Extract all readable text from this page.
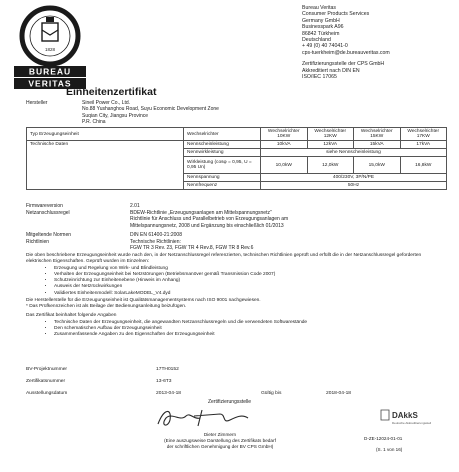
1828
BUREAU
VERITAS
Bureau Veritas
Consumer Products Services
Germany GmbH
Businesspark A96
86842 Türkheim
Deutschland
+ 49 (0) 40 74041-0
cps-tuerkheim@de.bureauveritas.com
Zertifizierungsstelle der CPS GmbH
Akkreditiert nach DIN EN
ISO/IEC 17065
Einheitenzertifikat
Hersteller	Sineil Power Co., Ltd.
No.88 Yushanghou Road, Suyu Economic Development Zone
Suqian City, Jiangsu Province
P.R. China
Typ Erzeugungseinheit	Wechselrichter	Wechselrichter 10KW	Wechselrichter 12KW	Wechselrichter 15KW	Wechselrichter 17KW
Technische Daten	Nennscheinleistung	10kVA	12kVA	15kVA	17kVA
	Nennwirkleistung	siehe Nennscheinleistung			
	Wirkleistung (cosφ = 0,95, U = 0,95 Un)	10,0kW	12,0kW	15,0kW	16,8kW
	Nennspannung	400/230V, 3P/N/PE			
	Nennfrequenz	50Hz			
Firmwareversion	2.01
Netzanschlussregel	BDEW-Richtlinie „Erzeugungsanlagen am Mittelspannungsnetz“
Richtlinie für Anschluss und Parallelbetrieb von Erzeugungsanlagen am
Mittelspannungsnetz, 2008 und Ergänzung bis einschließlich 01/2013
Mitgeltende Normen	DIN EN 61400-21:2008
Richtlinien	Technische Richtlinien:
FGW TR 3 Rev. 23, FGW TR 4 Rev.8, FGW TR 8 Rev.6
Die oben beschriebene Erzeugungseinheit wurde nach den, in der Netzanschlussregel referenzierten, technischen Richtlinien geprüft und erfüllt die in der Netzanschlussregel geforderten elektrischen Eigenschaften. Geprüft wurden im Einzelnen:
• Erzeugung und Regelung von Wirk- und Blindleistung
• Verhalten der Erzeugungseinheit bei Netzstörungen (Betriebsmanöver gemäß Transmission Code 2007)
• Schutzeinrichtung zur Einheitenebene (Hinweis im Anhang)
• Ausweis der Netzrückwirkungen
• Validiertes Einheitenmodell: SolarLakeMODEL_V4.dyd
Die Herstellerstelle für die Erzeugungseinheit ist Qualitätsmanagementsystems nach ISO 9001 nachgewiesen.
* Das Prüfkennzeichen ist als Beilage der Bedienungsanleitung beizufügen.
Das Zertifikat beinhaltet folgende Angaben
• Technische Daten der Erzeugungseinheit, die angewandten Netzanschlussregeln und die verwendeten Softwarestände
• Den schematischen Aufbau der Erzeugungseinheit
• Zusammenfassende Angaben zu den Eigenschaften der Erzeugungseinheit
BV-Projektnummer	17TH0152
Zertifikatsnummer	13-6T3
Ausstellungsdatum	2013-04-18	Gültig bis	2018-04-18
Zertifizierungsstelle
Dieter Zimmern
(Eine auszugsweise Darstellung des Zertifikats bedarf
der schriftlichen Genehmigung der BV CPS GmbH)
DAkkS
Deutsche Akkreditierungsstelle
D-ZE-12024-01-01
(S. 1 von 16)
